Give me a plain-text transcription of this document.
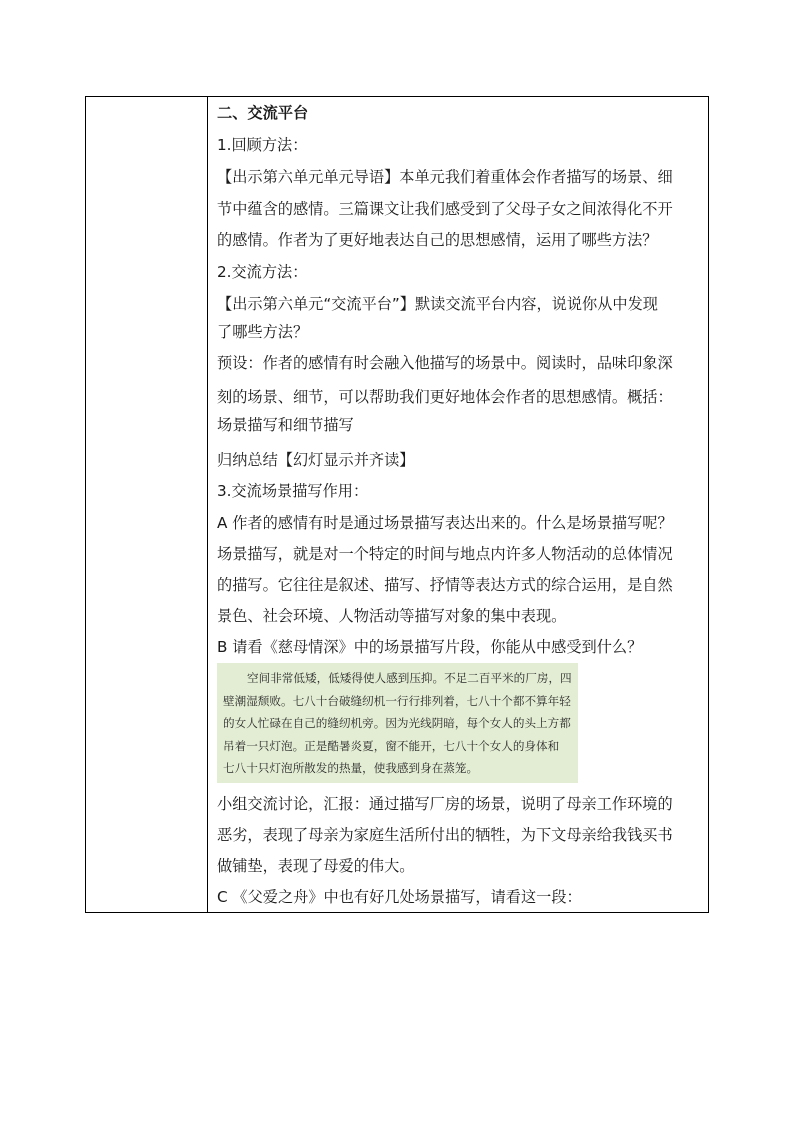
二、交流平台
1.回顾方法：
【出示第六单元单元导语】本单元我们着重体会作者描写的场景、细
节中蕴含的感情。三篇课文让我们感受到了父母子女之间浓得化不开
的感情。作者为了更好地表达自己的思想感情，运用了哪些方法？
2.交流方法：
【出示第六单元“交流平台”】默读交流平台内容，说说你从中发现
了哪些方法？
预设：作者的感情有时会融入他描写的场景中。阅读时，品味印象深
刻的场景、细节，可以帮助我们更好地体会作者的思想感情。概括：
场景描写和细节描写
归纳总结【幻灯显示并齐读】
3.交流场景描写作用：
A 作者的感情有时是通过场景描写表达出来的。什么是场景描写呢？
场景描写，就是对一个特定的时间与地点内许多人物活动的总体情况
的描写。它往往是叙述、描写、抒情等表达方式的综合运用，是自然
景色、社会环境、人物活动等描写对象的集中表现。
B 请看《慈母情深》中的场景描写片段，你能从中感受到什么？
空间非常低矮，低矮得使人感到压抑。不足二百平米的厂房，四
壁潮湿颓败。七八十台破缝纫机一行行排列着，七八十个都不算年轻
的女人忙碌在自己的缝纫机旁。因为光线阴暗，每个女人的头上方都
吊着一只灯泡。正是酷暑炎夏，窗不能开，七八十个女人的身体和
七八十只灯泡所散发的热量，使我感到身在蒸笼。
小组交流讨论，汇报：通过描写厂房的场景，说明了母亲工作环境的
恶劣，表现了母亲为家庭生活所付出的牺牲，为下文母亲给我钱买书
做铺垫，表现了母爱的伟大。
C 《父爱之舟》中也有好几处场景描写，请看这一段：
